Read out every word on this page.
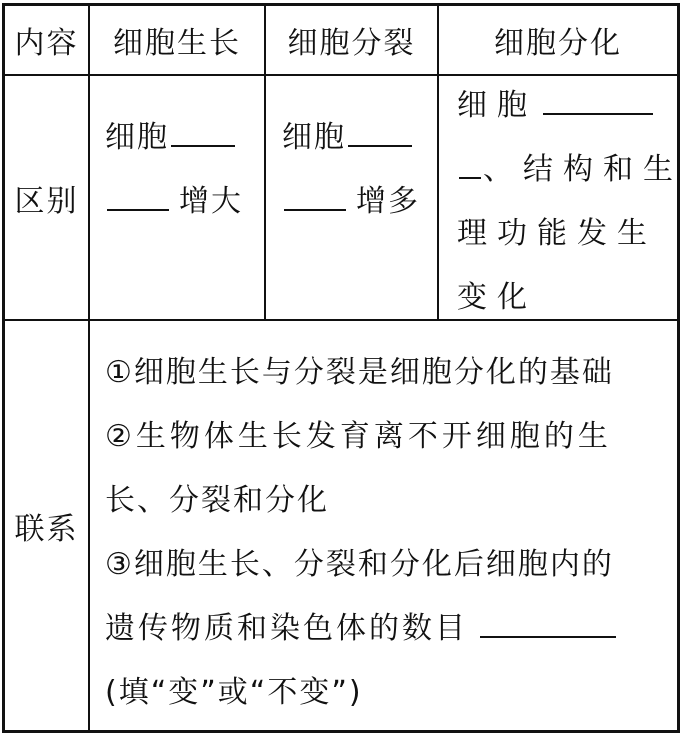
内容 细胞生长 细胞分裂	细胞分化
区别
细胞
增大
细胞
增多
细胞
、结构和生
理功能发生
变化
联系
①细胞生长与分裂是细胞分化的基础
②生物体生长发育离不开细胞的生
长、分裂和分化
③细胞生长、分裂和分化后细胞内的
遗传物质和染色体的数目
(填“变”或“不变”)
